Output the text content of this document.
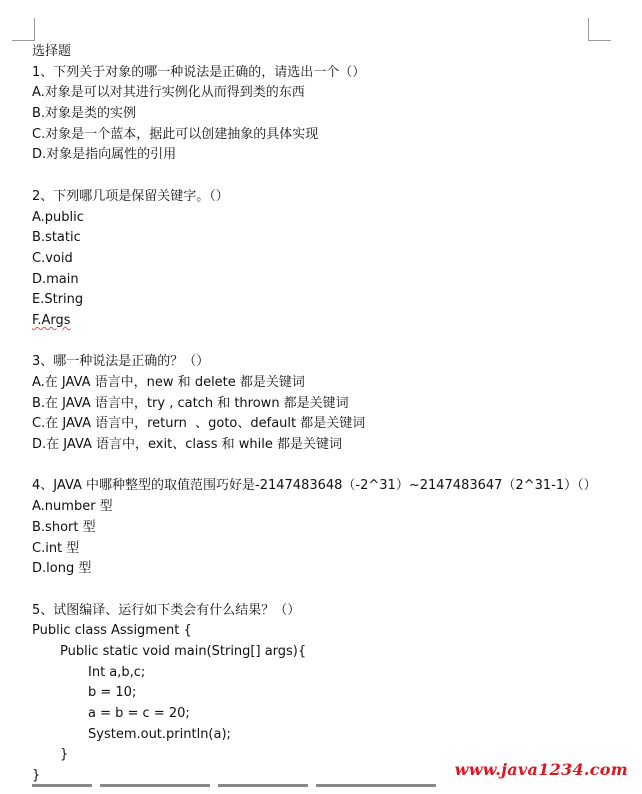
选择题
1、下列关于对象的哪一种说法是正确的，请选出一个（）
A.对象是可以对其进行实例化从而得到类的东西
B.对象是类的实例
C.对象是一个蓝本，据此可以创建抽象的具体实现
D.对象是指向属性的引用
2、下列哪几项是保留关键字。（）
A.public
B.static
C.void
D.main
E.String
F.Args
3、哪一种说法是正确的？（）
A.在 JAVA 语言中，new 和 delete 都是关键词
B.在 JAVA 语言中，try , catch 和 thrown 都是关键词
C.在 JAVA 语言中，return  、goto、default 都是关键词
D.在 JAVA 语言中，exit、class 和 while 都是关键词
4、JAVA 中哪种整型的取值范围巧好是-2147483648（-2^31）~2147483647（2^31-1）（）
A.number 型
B.short 型
C.int 型
D.long 型
5、试图编译、运行如下类会有什么结果？（）
Public class Assigment {
Public static void main(String[] args){
Int a,b,c;
b = 10;
a = b = c = 20;
System.out.println(a);
}
}	www.java1234.com
